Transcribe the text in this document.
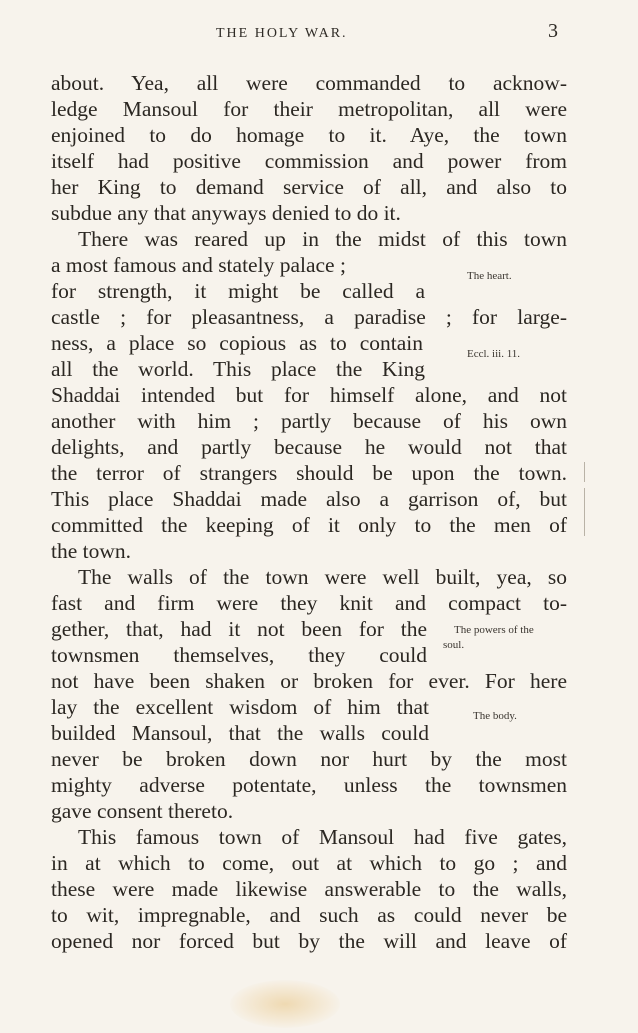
THE HOLY WAR.	3
about. Yea, all were commanded to acknow-
ledge Mansoul for their metropolitan, all were
enjoined to do homage to it. Aye, the town
itself had positive commission and power from
her King to demand service of all, and also to
subdue any that anyways denied to do it.
There was reared up in the midst of this town
a most famous and stately palace ;
for strength, it might be called a
castle ; for pleasantness, a paradise ; for large-
ness, a place so copious as to contain
all the world. This place the King
Shaddai intended but for himself alone, and not
another with him ; partly because of his own
delights, and partly because he would not that
the terror of strangers should be upon the town.
This place Shaddai made also a garrison of, but
committed the keeping of it only to the men of
the town.
The walls of the town were well built, yea, so
fast and firm were they knit and compact to-
gether, that, had it not been for the
townsmen themselves, they could
not have been shaken or broken for ever. For here
lay the excellent wisdom of him that
builded Mansoul, that the walls could
never be broken down nor hurt by the most
mighty adverse potentate, unless the townsmen
gave consent thereto.
This famous town of Mansoul had five gates,
in at which to come, out at which to go ; and
these were made likewise answerable to the walls,
to wit, impregnable, and such as could never be
opened nor forced but by the will and leave of
The heart.
Eccl. iii. 11.
The powers of the
soul.
The body.
